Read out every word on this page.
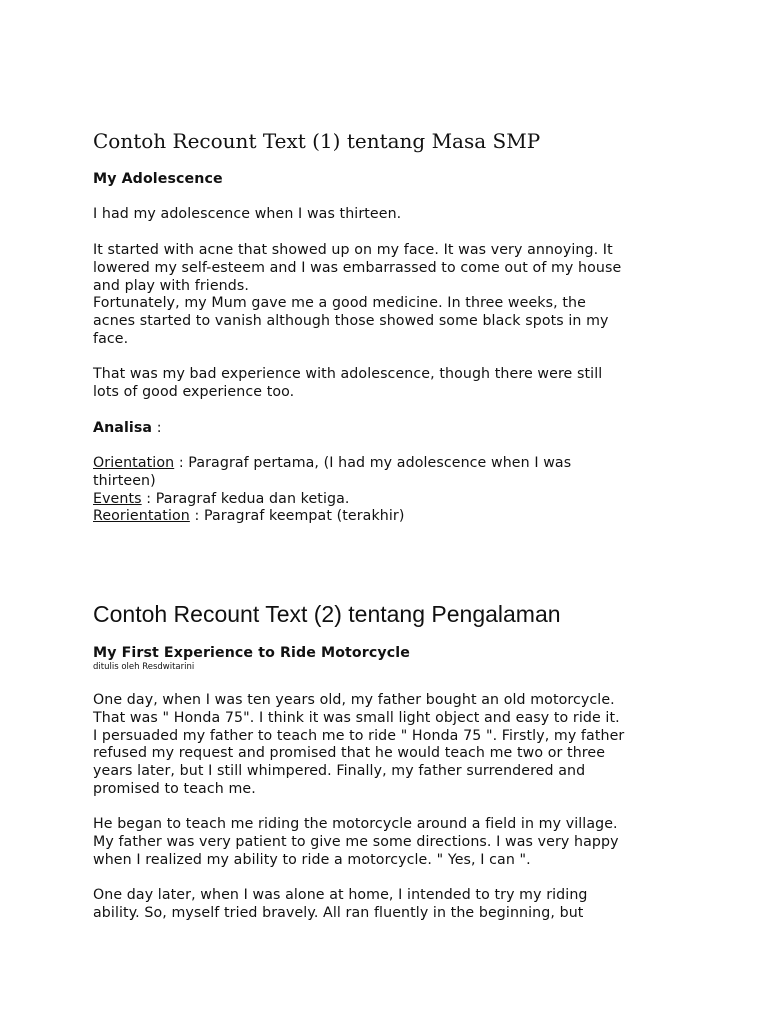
Contoh Recount Text (1) tentang Masa SMP
My Adolescence
I had my adolescence when I was thirteen.
It started with acne that showed up on my face. It was very annoying. It
lowered my self-esteem and I was embarrassed to come out of my house
and play with friends.
Fortunately, my Mum gave me a good medicine. In three weeks, the
acnes started to vanish although those showed some black spots in my
face.
That was my bad experience with adolescence, though there were still
lots of good experience too.
Analisa :
Orientation : Paragraf pertama, (I had my adolescence when I was
thirteen)
Events : Paragraf kedua dan ketiga.
Reorientation : Paragraf keempat (terakhir)
Contoh Recount Text (2) tentang Pengalaman
My First Experience to Ride Motorcycle
ditulis oleh Resdwitarini
One day, when I was ten years old, my father bought an old motorcycle.
That was " Honda 75". I think it was small light object and easy to ride it.
I persuaded my father to teach me to ride " Honda 75 ". Firstly, my father
refused my request and promised that he would teach me two or three
years later, but I still whimpered. Finally, my father surrendered and
promised to teach me.
He began to teach me riding the motorcycle around a field in my village.
My father was very patient to give me some directions. I was very happy
when I realized my ability to ride a motorcycle. " Yes, I can ".
One day later, when I was alone at home, I intended to try my riding
ability. So, myself tried bravely. All ran fluently in the beginning, but
